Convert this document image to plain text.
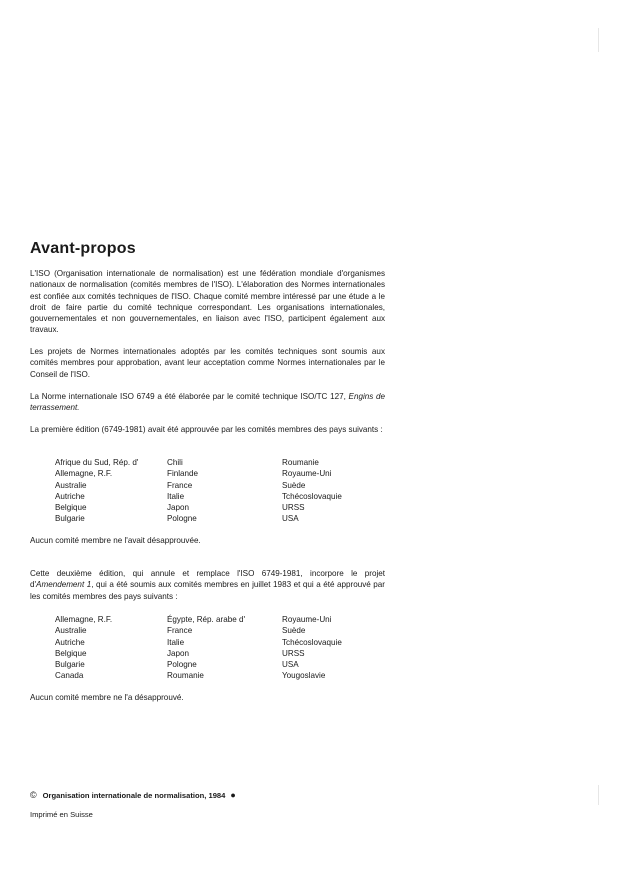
Avant-propos

L'ISO (Organisation internationale de normalisation) est une fédération mondiale d'organismes nationaux de normalisation (comités membres de l'ISO). L'élaboration des Normes internationales est confiée aux comités techniques de l'ISO. Chaque comité membre intéressé par une étude a le droit de faire partie du comité technique correspondant. Les organisations internationales, gouvernementales et non gouvernementales, en liaison avec l'ISO, participent également aux travaux.

Les projets de Normes internationales adoptés par les comités techniques sont soumis aux comités membres pour approbation, avant leur acceptation comme Normes internationales par le Conseil de l'ISO.

La Norme internationale ISO 6749 a été élaborée par le comité technique ISO/TC 127, Engins de terrassement.

La première édition (6749-1981) avait été approuvée par les comités membres des pays suivants :

Afrique du Sud, Rép. d'	Chili	Roumanie
Allemagne, R.F.	Finlande	Royaume-Uni
Australie	France	Suède
Autriche	Italie	Tchécoslovaquie
Belgique	Japon	URSS
Bulgarie	Pologne	USA

Aucun comité membre ne l'avait désapprouvée.

Cette deuxième édition, qui annule et remplace l'ISO 6749-1981, incorpore le projet d'Amendement 1, qui a été soumis aux comités membres en juillet 1983 et qui a été approuvé par les comités membres des pays suivants :

Allemagne, R.F.	Égypte, Rép. arabe d'	Royaume-Uni
Australie	France	Suède
Autriche	Italie	Tchécoslovaquie
Belgique	Japon	URSS
Bulgarie	Pologne	USA
Canada	Roumanie	Yougoslavie

Aucun comité membre ne l'a désapprouvé.

© Organisation internationale de normalisation, 1984 ●
Imprimé en Suisse
